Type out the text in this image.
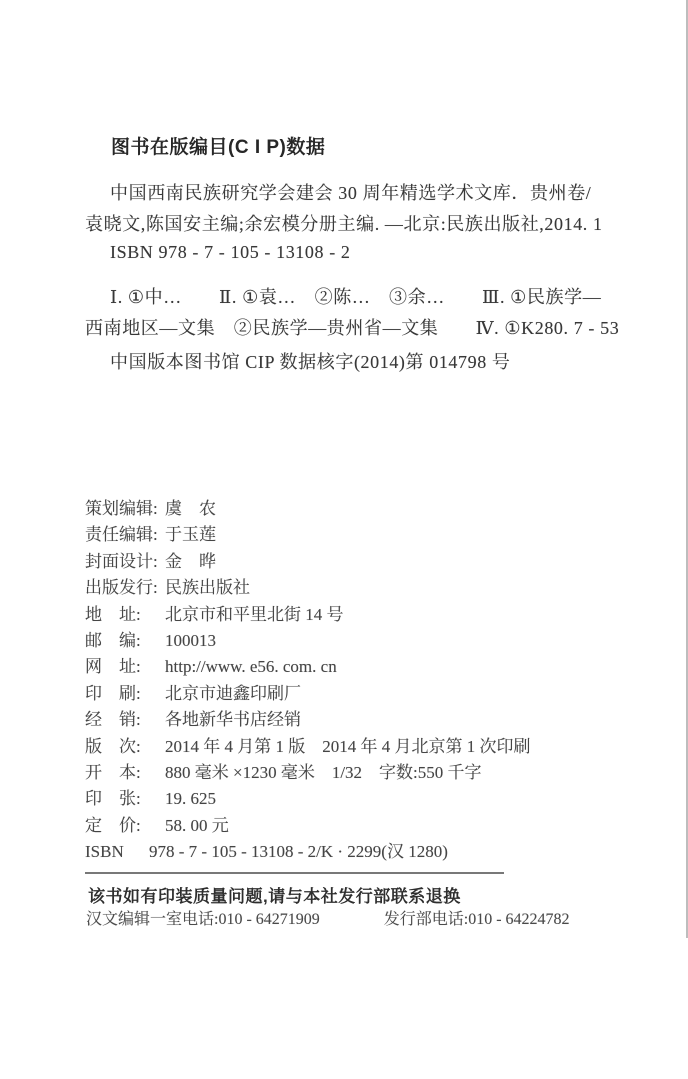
图书在版编目(C I P)数据
中国西南民族研究学会建会 30 周年精选学术文库．贵州卷/
袁晓文,陈国安主编;余宏模分册主编. —北京:民族出版社,2014. 1
ISBN 978 - 7 - 105 - 13108 - 2
Ⅰ. ①中…　　Ⅱ. ①袁…　②陈…　③余…　　Ⅲ. ①民族学—
西南地区—文集　②民族学—贵州省—文集　　Ⅳ. ①K280. 7 - 53
中国版本图书馆 CIP 数据核字(2014)第 014798 号
策划编辑: 虞　农
责任编辑: 于玉莲
封面设计: 金　晔
出版发行: 民族出版社
地　址:	北京市和平里北街 14 号
邮　编:	100013
网　址:	http://www. e56. com. cn
印　刷:	北京市迪鑫印刷厂
经　销:	各地新华书店经销
版　次:	2014 年 4 月第 1 版　2014 年 4 月北京第 1 次印刷
开　本:	880 毫米 ×1230 毫米　1/32　字数:550 千字
印　张:	19. 625
定　价:	58. 00 元
ISBN	978 - 7 - 105 - 13108 - 2/K · 2299(汉 1280)
该书如有印装质量问题,请与本社发行部联系退换
汉文编辑一室电话:010 - 64271909	发行部电话:010 - 64224782
